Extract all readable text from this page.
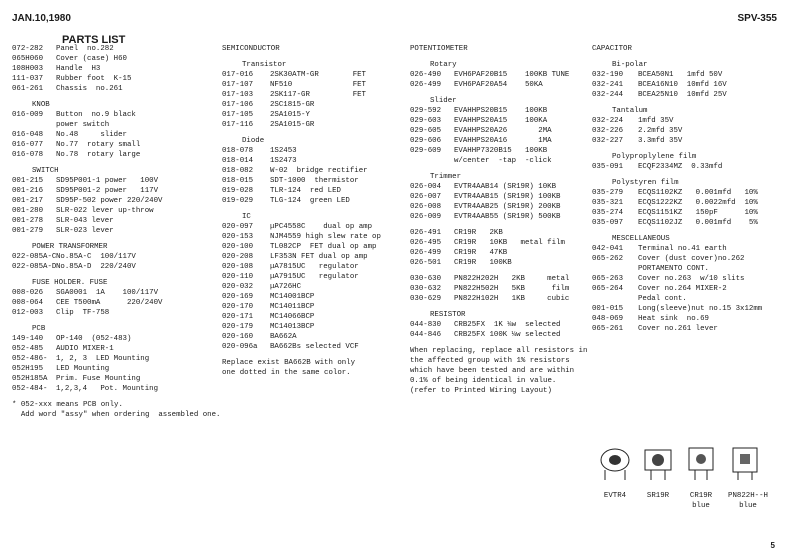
JAN.10,1980	SPV-355
PARTS LIST
072-282	Panel  no.282
065H060	Cover (case) H60
108H003	Handle  H3
111-037	Rubber foot  K-15
061-261	Chassis  no.261
KNOB
016-009	Button  no.9 black
power switch
016-048	No.48     slider
016-077	No.77  rotary small
016-078	No.78  rotary large
SWITCH
001-215	SD95P001-1 power   100V
001-216	SD95P001-2 power   117V
001-217	SD95P-502 power 220/240V
001-280	SLR-022 lever up-throw
001-278	SLR-043 lever
001-279	SLR-023 lever
POWER TRANSFORMER
022-085A-C No.85A-C  100/117V
022-085A-D No.85A-D  220/240V
FUSE HOLDER. FUSE
008-026	SGA0001  1A    100/117V
008-064	CEE T500mA      220/240V
012-003	Clip  TF-758
PCB
149-140	OP-140  (052-483)
052-485	AUDIO MIXER-1
052-486-	1, 2, 3  LED Mounting
052H195	LED Mounting
052H185A	Prim. Fuse Mounting
052-484-	1,2,3,4   Pot. Mounting
* 052-xxx means PCB only.
Add word "assy" when ordering  assembled one.
SEMICONDUCTOR
Transistor
017-016	2SK30ATM-GR	FET
017-107	NF510	FET
017-103	2SK117-GR	FET
017-106	2SC1815-GR
017-105	2SA1015-Y
017-116	2SA1015-GR
Diode
018-078	1S2453
018-014	1S2473
018-082	W-02  bridge rectifier
018-015	SDT-1000  thermistor
019-028	TLR-124  red LED
019-029	TLG-124  green LED
IC
020-097	μPC4558C    dual op amp
020-153	NJM4559 high slew rate op
020-100	TL082CP  FET dual op amp
020-208	LF353N FET dual op amp
020-108	μA7815UC   regulator
020-110	μA7915UC   regulator
020-032	μA726HC
020-169	MC14001BCP
020-170	MC14011BCP
020-171	MC14066BCP
020-179	MC14013BCP
020-160	BA662A
020-096a	BA662Bs selected VCF
Replace exist BA662B with only
one dotted in the same color.
POTENTIOMETER
Rotary
026-490	EVH6PAF20B15    100KB TUNE
026-499	EVH6PAF20A54    50KA
Slider
029-592	EVAHHPS20B15    100KB
029-603	EVAHHPS20A15    100KA
029-605	EVAHHPS20A26       2MA
029-606	EVAHHPS20A16       1MA
029-609	EVAHHP7320B15   100KB
w/center  -tap  -click
Trimmer
026-004	EVTR4AAB14 (SR19R) 10KB
026-007	EVTR4AAB15 (SR19R) 100KB
026-008	EVTR4AAB25 (SR19R) 200KB
026-009	EVTR4AAB55 (SR19R) 500KB
026-491	CR19R   2KB
026-495	CR19R   10KB   metal film
026-499	CR19R   47KB
026-501	CR19R   100KB
030-630	PN822H202H   2KB     metal
030-632	PN822H502H   5KB      film
030-629	PN822H102H   1KB     cubic
RESISTOR
044-830	CRB25FX  1K ¼w  selected
044-846	CRB25FX 100K ¼w selected
When replacing, replace all resistors in
the affected group with 1% resistors
which have been tested and are within
0.1% of being identical in value.
(refer to Printed Wiring Layout)
CAPACITOR
Bi-polar
032-190	BCEA50N1   1mfd 50V
032-241	BCEA16N10  10mfd 16V
032-244	BCEA25N10  10mfd 25V
Tantalum
032-224	1mfd 35V
032-226	2.2mfd 35V
032-227	3.3mfd 35V
Polyproplylene film
035-091	ECQF2334MZ  0.33mfd
Polystyren film
035-279	ECQS1102KZ   0.001mfd   10%
035-321	ECQS1222KZ   0.0022mfd  10%
035-274	ECQS1151KZ   150pF      10%
035-097	ECQS1102JZ   0.001mfd    5%
MESCELLANEOUS
042-041	Terminal no.41 earth
065-262	Cover (dust cover)no.262
PORTAMENTO CONT.
065-263	Cover no.263  w/10 slits
065-264	Cover no.264 MIXER-2
Pedal cont.
001-015	Long(sleeve)nut no.15 3x12mm
048-069	Heat sink  no.69
065-261	Cover no.261 lever
EVTR4	SR19R	CR19R
blue
PN822H--H
blue
5
